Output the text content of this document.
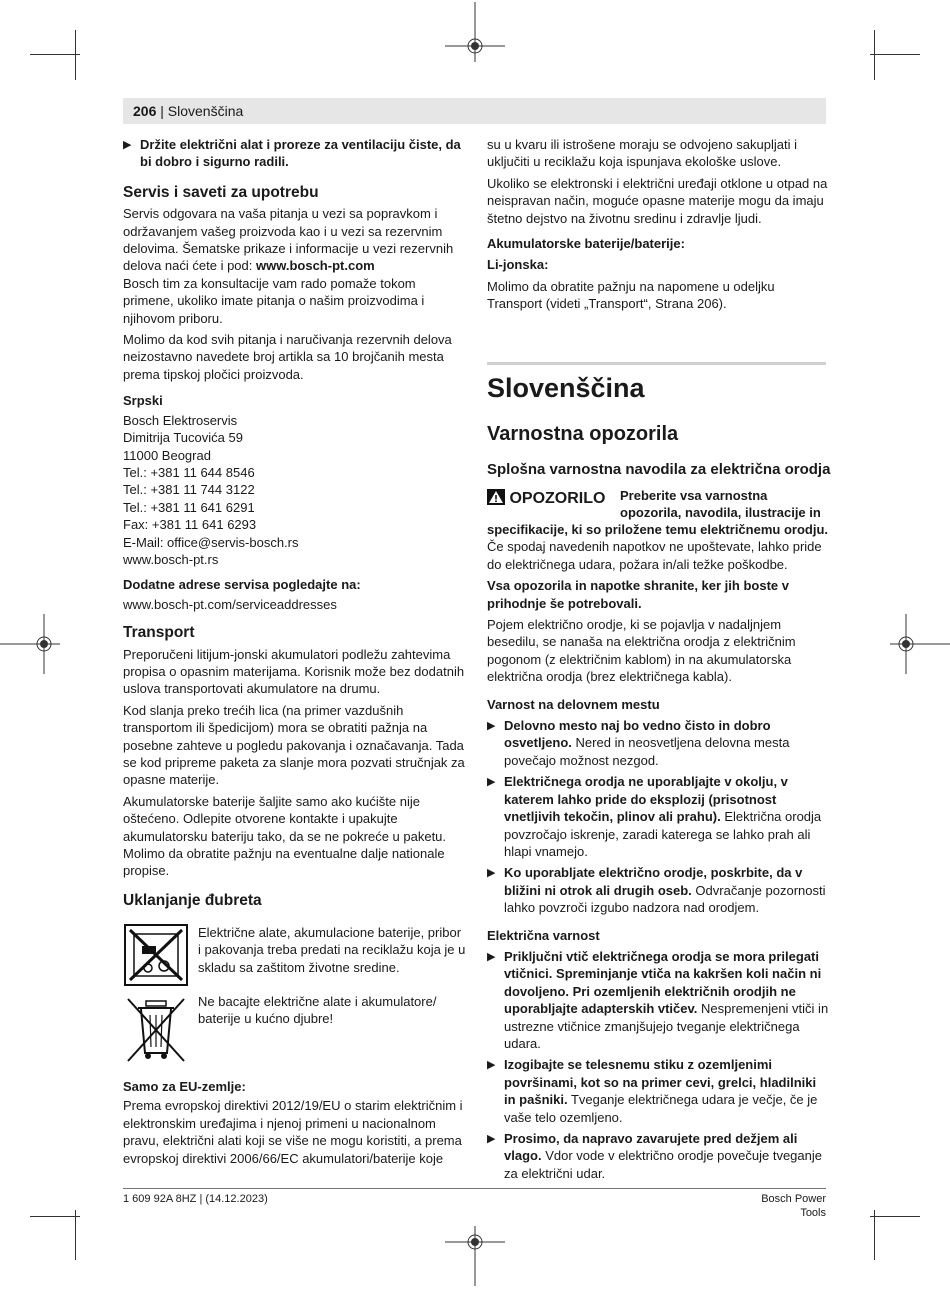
206 | Slovenščina
▶ Držite električni alat i proreze za ventilaciju čiste, da bi dobro i sigurno radili.
Servis i saveti za upotrebu

Servis odgovara na vaša pitanja u vezi sa popravkom i održavanjem vašeg proizvoda kao i u vezi sa rezervnim delovima. Šematske prikaze i informacije u vezi rezervnih delova naći ćete i pod: www.bosch-pt.com

Bosch tim za konsultacije vam rado pomaže tokom primene, ukoliko imate pitanja o našim proizvodima i njihovom priboru.

Molimo da kod svih pitanja i naručivanja rezervnih delova neizostavno navedete broj artikla sa 10 brojčanih mesta prema tipskoj pločici proizvoda.

Srpski
Bosch Elektroservis
Dimitrija Tucovića 59
11000 Beograd
Tel.: +381 11 644 8546
Tel.: +381 11 744 3122
Tel.: +381 11 641 6291
Fax: +381 11 641 6293
E-Mail: office@servis-bosch.rs
www.bosch-pt.rs
Dodatne adrese servisa pogledajte na:

www.bosch-pt.com/serviceaddresses

Transport

Preporučeni litijum-jonski akumulatori podležu zahtevima propisa o opasnim materijama. Korisnik može bez dodatnih uslova transportovati akumulatore na drumu.

Kod slanja preko trećih lica (na primer vazdušnih transportom ili špedicijom) mora se obratiti pažnja na posebne zahteve u pogledu pakovanja i označavanja. Tada se kod pripreme paketa za slanje mora pozvati stručnjak za opasne materije.

Akumulatorske baterije šaljite samo ako kućište nije oštećeno. Odlepite otvorene kontakte i upakujte akumulatorsku bateriju tako, da se ne pokreće u paketu. Molimo da obratite pažnju na eventualne dalje nationale propise.

Uklanjanje đubreta

Električne alate, akumulacione baterije, pribor i pakovanja treba predati na reciklažu koja je u skladu sa zaštitom životne sredine.

Ne bacajte električne alate i akumulatore/ baterije u kućno djubre!

Samo za EU-zemlje:

Prema evropskoj direktivi 2012/19/EU o starim električnim i elektronskim uređajima i njenoj primeni u nacionalnom pravu, električni alati koji se više ne mogu koristiti, a prema evropskoj direktivi 2006/66/EC akumulatori/baterije koje

su u kvaru ili istrošene moraju se odvojeno sakupljati i uključiti u reciklažu koja ispunjava ekološke uslove.

Ukoliko se elektronski i električni uređaji otklone u otpad na neispravan način, moguće opasne materije mogu da imaju štetno dejstvo na životnu sredinu i zdravlje ljudi.

Akumulatorske baterije/baterije:
Li-jonska:

Molimo da obratite pažnju na napomene u odeljku Transport (videti „Transport“, Strana 206).

Slovenščina
Varnostna opozorila
Splošna varnostna navodila za električna orodja
OPOZORILO Preberite vsa varnostna opozorila, navodila, ilustracije in

specifikacije, ki so priložene temu električnemu orodju.

Če spodaj navedenih napotkov ne upoštevate, lahko pride do električnega udara, požara in/ali težke poškodbe.

Vsa opozorila in napotke shranite, ker jih boste v prihodnje še potrebovali.

Pojem električno orodje, ki se pojavlja v nadaljnjem besedilu, se nanaša na električna orodja z električnim pogonom (z električnim kablom) in na akumulatorska električna orodja (brez električnega kabla).

Varnost na delovnem mestu
▶ Delovno mesto naj bo vedno čisto in dobro osvetljeno. Nered in neosvetljena delovna mesta povečajo možnost nezgod.
▶ Električnega orodja ne uporabljajte v okolju, v katerem lahko pride do eksplozij (prisotnost vnetljivih tekočin, plinov ali prahu). Električna orodja povzročajo iskrenje, zaradi katerega se lahko prah ali hlapi vnamejo.
▶ Ko uporabljate električno orodje, poskrbite, da v bližini ni otrok ali drugih oseb. Odvračanje pozornosti lahko povzroči izgubo nadzora nad orodjem.
Električna varnost
▶ Priključni vtič električnega orodja se mora prilegati vtičnici. Spreminjanje vtiča na kakršen koli način ni dovoljeno. Pri ozemljenih električnih orodjih ne uporabljajte adapterskih vtičev. Nespremenjeni vtiči in ustrezne vtičnice zmanjšujejo tveganje električnega udara.
▶ Izogibajte se telesnemu stiku z ozemljenimi površinami, kot so na primer cevi, grelci, hladilniki in pašniki. Tveganje električnega udara je večje, če je vaše telo ozemljeno.
▶ Prosimo, da napravo zavarujete pred dežjem ali vlago. Vdor vode v električno orodje povečuje tveganje za električni udar.
1 609 92A 8HZ | (14.12.2023)	Bosch Power Tools
